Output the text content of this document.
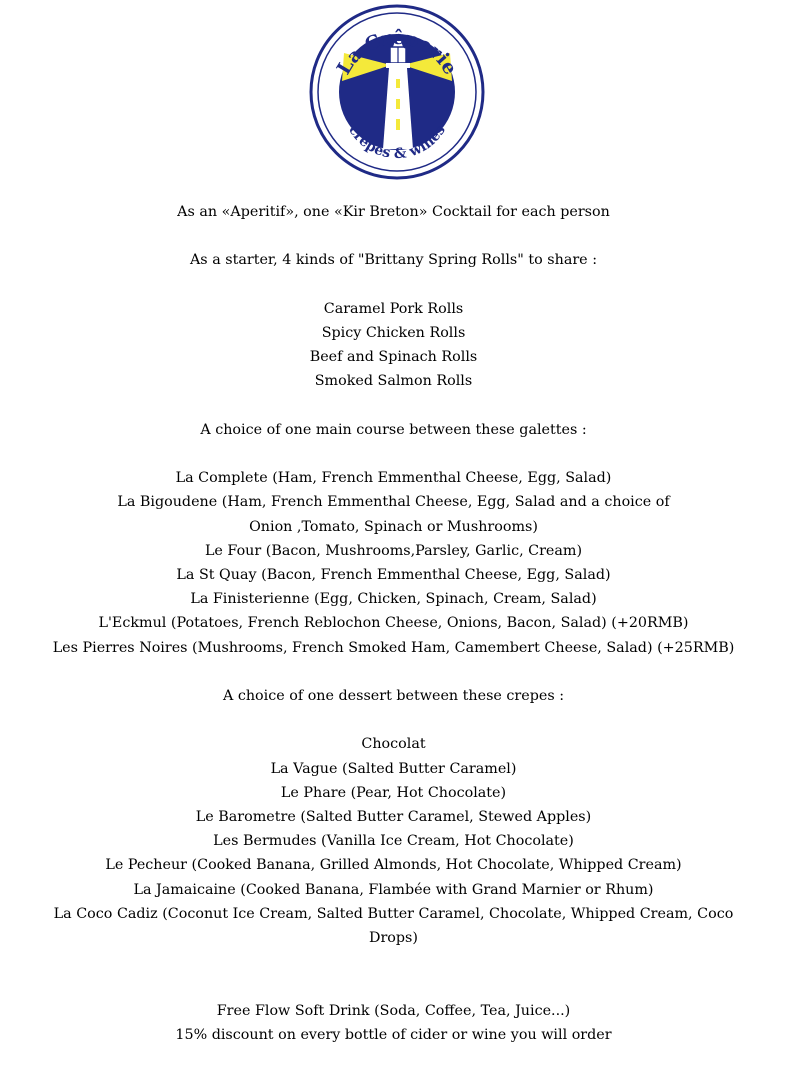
La Crêperie
crêpes & wines
As an «Aperitif», one «Kir Breton» Cocktail for each person
As a starter, 4 kinds of "Brittany Spring Rolls" to share :
Caramel Pork Rolls
Spicy Chicken Rolls
Beef and Spinach Rolls
Smoked Salmon Rolls
A choice of one main course between these galettes :
La Complete (Ham, French Emmenthal Cheese, Egg, Salad)
La Bigoudene (Ham, French Emmenthal Cheese, Egg, Salad and a choice of
Onion ,Tomato, Spinach or Mushrooms)
Le Four (Bacon, Mushrooms,Parsley, Garlic, Cream)
La St Quay (Bacon, French Emmenthal Cheese, Egg, Salad)
La Finisterienne (Egg, Chicken, Spinach, Cream, Salad)
L'Eckmul (Potatoes, French Reblochon Cheese, Onions, Bacon, Salad) (+20RMB)
Les Pierres Noires (Mushrooms, French Smoked Ham, Camembert Cheese, Salad) (+25RMB)
A choice of one dessert between these crepes :
Chocolat
La Vague (Salted Butter Caramel)
Le Phare (Pear, Hot Chocolate)
Le Barometre (Salted Butter Caramel, Stewed Apples)
Les Bermudes (Vanilla Ice Cream, Hot Chocolate)
Le Pecheur (Cooked Banana, Grilled Almonds, Hot Chocolate, Whipped Cream)
La Jamaicaine (Cooked Banana, Flambée with Grand Marnier or Rhum)
La Coco Cadiz (Coconut Ice Cream, Salted Butter Caramel, Chocolate, Whipped Cream, Coco
Drops)
Free Flow Soft Drink (Soda, Coffee, Tea, Juice...)
15% discount on every bottle of cider or wine you will order
